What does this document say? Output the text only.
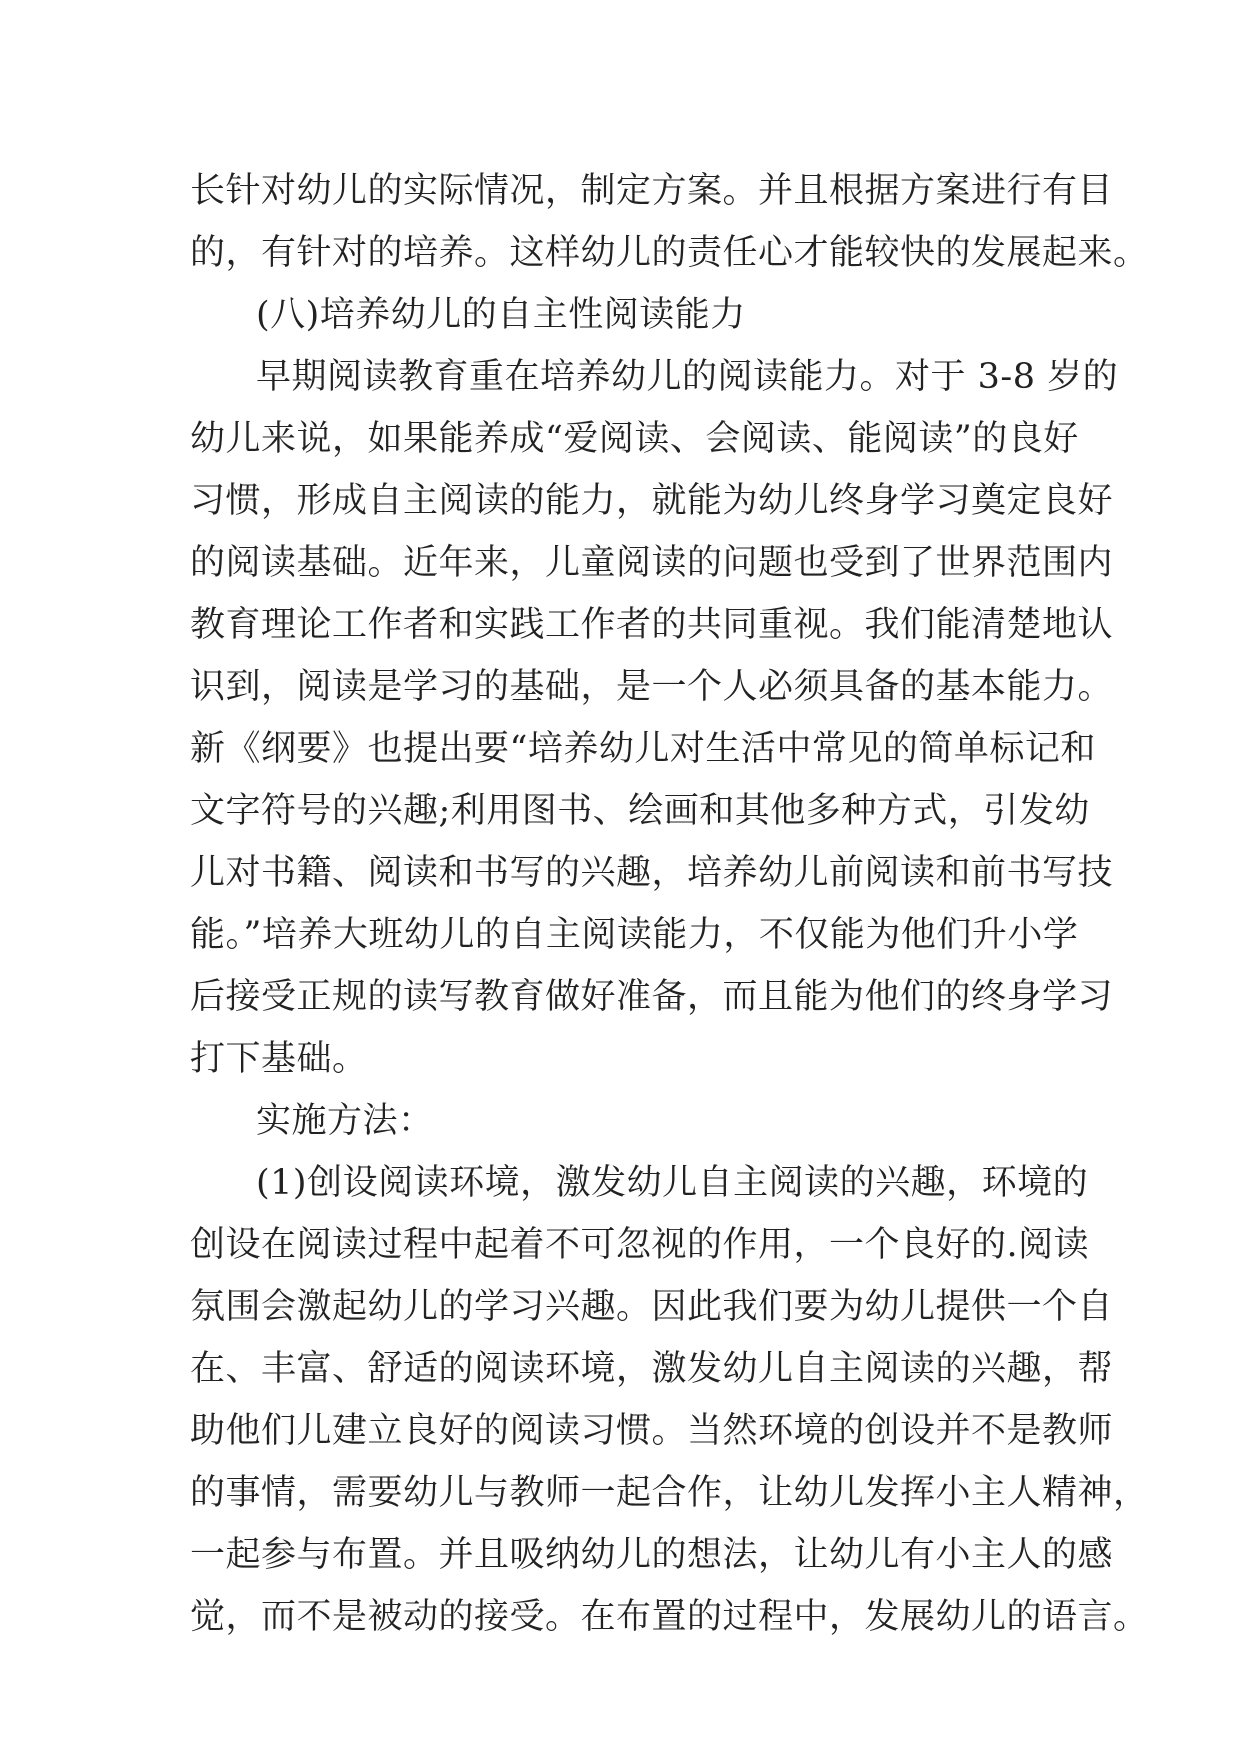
长针对幼儿的实际情况，制定方案。并且根据方案进行有目
的，有针对的培养。这样幼儿的责任心才能较快的发展起来。
(八)培养幼儿的自主性阅读能力
早期阅读教育重在培养幼儿的阅读能力。对于 3-8 岁的
幼儿来说，如果能养成“爱阅读、会阅读、能阅读”的良好
习惯，形成自主阅读的能力，就能为幼儿终身学习奠定良好
的阅读基础。近年来，儿童阅读的问题也受到了世界范围内
教育理论工作者和实践工作者的共同重视。我们能清楚地认
识到，阅读是学习的基础，是一个人必须具备的基本能力。
新《纲要》也提出要“培养幼儿对生活中常见的简单标记和
文字符号的兴趣;利用图书、绘画和其他多种方式，引发幼
儿对书籍、阅读和书写的兴趣，培养幼儿前阅读和前书写技
能。”培养大班幼儿的自主阅读能力，不仅能为他们升小学
后接受正规的读写教育做好准备，而且能为他们的终身学习
打下基础。
实施方法：
(1)创设阅读环境，激发幼儿自主阅读的兴趣，环境的
创设在阅读过程中起着不可忽视的作用，一个良好的.阅读
氛围会激起幼儿的学习兴趣。因此我们要为幼儿提供一个自
在、丰富、舒适的阅读环境，激发幼儿自主阅读的兴趣，帮
助他们儿建立良好的阅读习惯。当然环境的创设并不是教师
的事情，需要幼儿与教师一起合作，让幼儿发挥小主人精神，
一起参与布置。并且吸纳幼儿的想法，让幼儿有小主人的感
觉，而不是被动的接受。在布置的过程中，发展幼儿的语言。
